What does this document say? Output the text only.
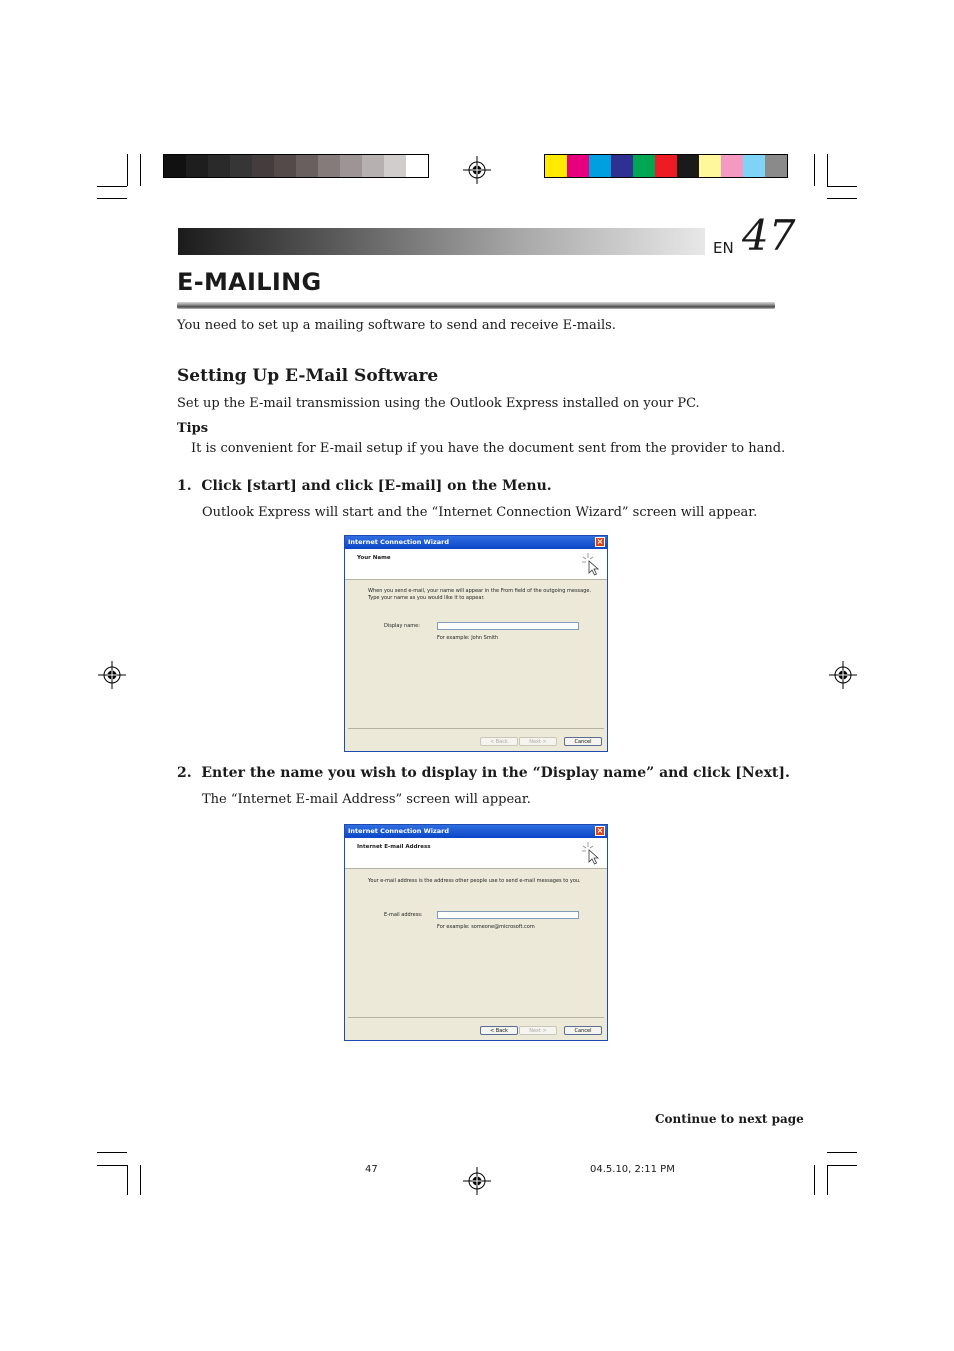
EN 47
E-MAILING
You need to set up a mailing software to send and receive E-mails.
Setting Up E-Mail Software
Set up the E-mail transmission using the Outlook Express installed on your PC.
Tips
It is convenient for E-mail setup if you have the document sent from the provider to hand.
1.  Click [start] and click [E-mail] on the Menu.
Outlook Express will start and the “Internet Connection Wizard” screen will appear.
Internet Connection Wizard	×
Your Name
When you send e-mail, your name will appear in the From field of the outgoing message.
Type your name as you would like it to appear.
Display name:
For example: John Smith
< Back	Next >	Cancel
2.  Enter the name you wish to display in the “Display name” and click [Next].
The “Internet E-mail Address” screen will appear.
Internet Connection Wizard	×
Internet E-mail Address
Your e-mail address is the address other people use to send e-mail messages to you.
E-mail address:
For example: someone@microsoft.com
< Back	Next >	Cancel
Continue to next page
47	04.5.10, 2:11 PM
